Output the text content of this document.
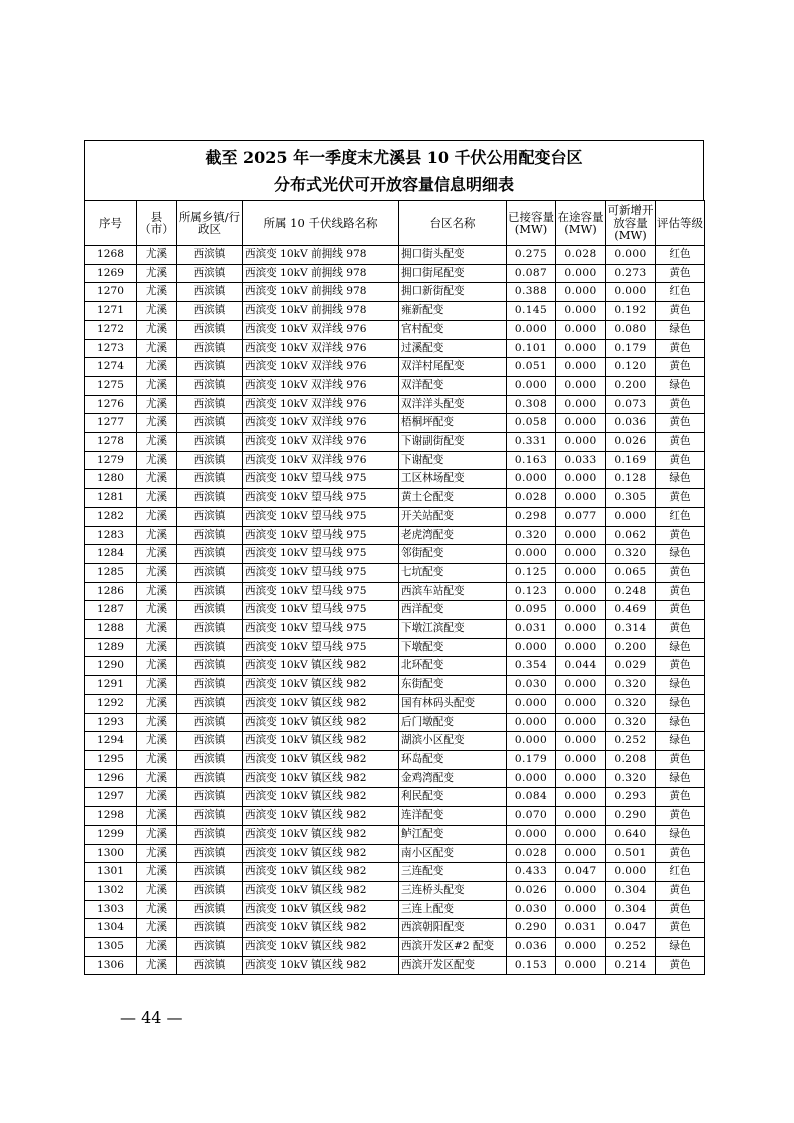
截至 2025 年一季度末尤溪县 10 千伏公用配变台区
分布式光伏可开放容量信息明细表
序号	县（市）	所属乡镇/行政区	所属 10 千伏线路名称	台区名称	已接容量(MW)	在途容量(MW)	可新增开放容量(MW)	评估等级
1268	尤溪	西滨镇	西滨变 10kV 前拥线 978	拥口街头配变	0.275	0.028	0.000	红色
1269	尤溪	西滨镇	西滨变 10kV 前拥线 978	拥口街尾配变	0.087	0.000	0.273	黄色
1270	尤溪	西滨镇	西滨变 10kV 前拥线 978	拥口新街配变	0.388	0.000	0.000	红色
1271	尤溪	西滨镇	西滨变 10kV 前拥线 978	雍新配变	0.145	0.000	0.192	黄色
1272	尤溪	西滨镇	西滨变 10kV 双洋线 976	官村配变	0.000	0.000	0.080	绿色
1273	尤溪	西滨镇	西滨变 10kV 双洋线 976	过溪配变	0.101	0.000	0.179	黄色
1274	尤溪	西滨镇	西滨变 10kV 双洋线 976	双洋村尾配变	0.051	0.000	0.120	黄色
1275	尤溪	西滨镇	西滨变 10kV 双洋线 976	双洋配变	0.000	0.000	0.200	绿色
1276	尤溪	西滨镇	西滨变 10kV 双洋线 976	双洋洋头配变	0.308	0.000	0.073	黄色
1277	尤溪	西滨镇	西滨变 10kV 双洋线 976	梧桐坪配变	0.058	0.000	0.036	黄色
1278	尤溪	西滨镇	西滨变 10kV 双洋线 976	下谢副街配变	0.331	0.000	0.026	黄色
1279	尤溪	西滨镇	西滨变 10kV 双洋线 976	下谢配变	0.163	0.033	0.169	黄色
1280	尤溪	西滨镇	西滨变 10kV 望马线 975	工区林场配变	0.000	0.000	0.128	绿色
1281	尤溪	西滨镇	西滨变 10kV 望马线 975	黄土仑配变	0.028	0.000	0.305	黄色
1282	尤溪	西滨镇	西滨变 10kV 望马线 975	开关站配变	0.298	0.077	0.000	红色
1283	尤溪	西滨镇	西滨变 10kV 望马线 975	老虎湾配变	0.320	0.000	0.062	黄色
1284	尤溪	西滨镇	西滨变 10kV 望马线 975	邻街配变	0.000	0.000	0.320	绿色
1285	尤溪	西滨镇	西滨变 10kV 望马线 975	七坑配变	0.125	0.000	0.065	黄色
1286	尤溪	西滨镇	西滨变 10kV 望马线 975	西滨车站配变	0.123	0.000	0.248	黄色
1287	尤溪	西滨镇	西滨变 10kV 望马线 975	西洋配变	0.095	0.000	0.469	黄色
1288	尤溪	西滨镇	西滨变 10kV 望马线 975	下墩江滨配变	0.031	0.000	0.314	黄色
1289	尤溪	西滨镇	西滨变 10kV 望马线 975	下墩配变	0.000	0.000	0.200	绿色
1290	尤溪	西滨镇	西滨变 10kV 镇区线 982	北环配变	0.354	0.044	0.029	黄色
1291	尤溪	西滨镇	西滨变 10kV 镇区线 982	东街配变	0.030	0.000	0.320	绿色
1292	尤溪	西滨镇	西滨变 10kV 镇区线 982	国有林码头配变	0.000	0.000	0.320	绿色
1293	尤溪	西滨镇	西滨变 10kV 镇区线 982	后门墩配变	0.000	0.000	0.320	绿色
1294	尤溪	西滨镇	西滨变 10kV 镇区线 982	湖滨小区配变	0.000	0.000	0.252	绿色
1295	尤溪	西滨镇	西滨变 10kV 镇区线 982	环岛配变	0.179	0.000	0.208	黄色
1296	尤溪	西滨镇	西滨变 10kV 镇区线 982	金鸡湾配变	0.000	0.000	0.320	绿色
1297	尤溪	西滨镇	西滨变 10kV 镇区线 982	利民配变	0.084	0.000	0.293	黄色
1298	尤溪	西滨镇	西滨变 10kV 镇区线 982	连洋配变	0.070	0.000	0.290	黄色
1299	尤溪	西滨镇	西滨变 10kV 镇区线 982	鲈江配变	0.000	0.000	0.640	绿色
1300	尤溪	西滨镇	西滨变 10kV 镇区线 982	南小区配变	0.028	0.000	0.501	黄色
1301	尤溪	西滨镇	西滨变 10kV 镇区线 982	三连配变	0.433	0.047	0.000	红色
1302	尤溪	西滨镇	西滨变 10kV 镇区线 982	三连桥头配变	0.026	0.000	0.304	黄色
1303	尤溪	西滨镇	西滨变 10kV 镇区线 982	三连上配变	0.030	0.000	0.304	黄色
1304	尤溪	西滨镇	西滨变 10kV 镇区线 982	西滨朝阳配变	0.290	0.031	0.047	黄色
1305	尤溪	西滨镇	西滨变 10kV 镇区线 982	西滨开发区#2 配变	0.036	0.000	0.252	绿色
1306	尤溪	西滨镇	西滨变 10kV 镇区线 982	西滨开发区配变	0.153	0.000	0.214	黄色
— 44 —
